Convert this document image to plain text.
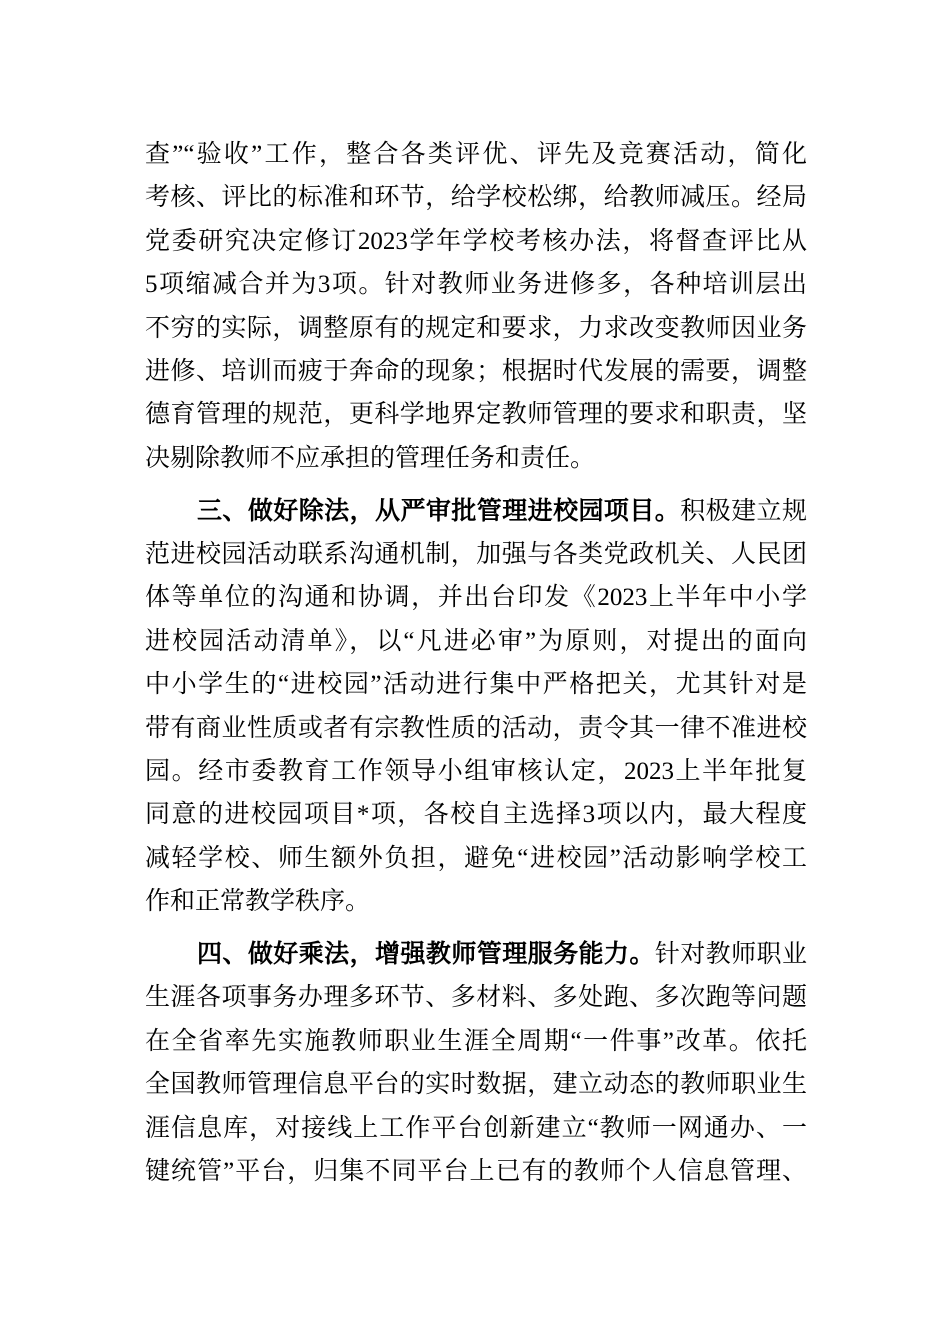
查”“验收”工作，整合各类评优、评先及竞赛活动，简化
考核、评比的标准和环节，给学校松绑，给教师减压。经局
党委研究决定修订2023学年学校考核办法，将督查评比从
5项缩减合并为3项。针对教师业务进修多，各种培训层出
不穷的实际，调整原有的规定和要求，力求改变教师因业务
进修、培训而疲于奔命的现象；根据时代发展的需要，调整
德育管理的规范，更科学地界定教师管理的要求和职责，坚
决剔除教师不应承担的管理任务和责任。
三、做好除法，从严审批管理进校园项目。积极建立规
范进校园活动联系沟通机制，加强与各类党政机关、人民团
体等单位的沟通和协调，并出台印发《2023上半年中小学
进校园活动清单》，以“凡进必审”为原则，对提出的面向
中小学生的“进校园”活动进行集中严格把关，尤其针对是
带有商业性质或者有宗教性质的活动，责令其一律不准进校
园。经市委教育工作领导小组审核认定，2023上半年批复
同意的进校园项目*项，各校自主选择3项以内，最大程度
减轻学校、师生额外负担，避免“进校园”活动影响学校工
作和正常教学秩序。
四、做好乘法，增强教师管理服务能力。针对教师职业
生涯各项事务办理多环节、多材料、多处跑、多次跑等问题
在全省率先实施教师职业生涯全周期“一件事”改革。依托
全国教师管理信息平台的实时数据，建立动态的教师职业生
涯信息库，对接线上工作平台创新建立“教师一网通办、一
键统管”平台，归集不同平台上已有的教师个人信息管理、
